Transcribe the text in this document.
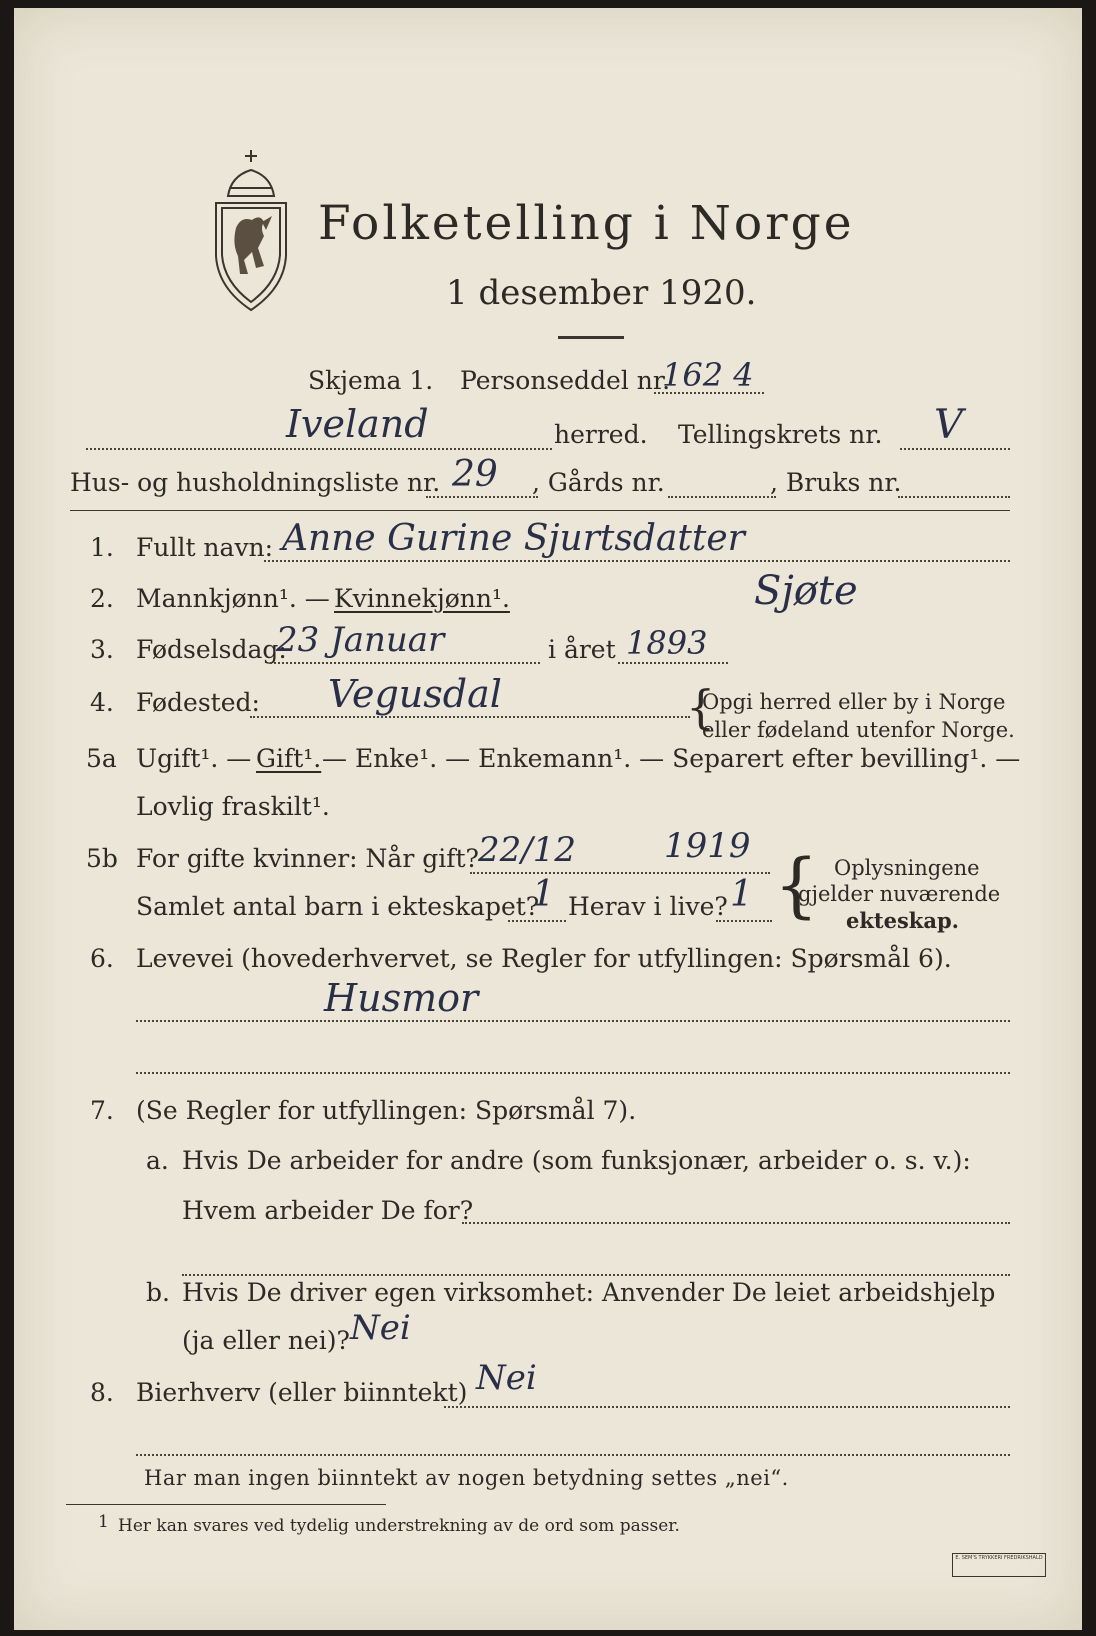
Folketelling i Norge
1 desember 1920.
Skjema 1. Personseddel nr.
162 4
Iveland	herred. Tellingskrets nr. V
Hus- og husholdningsliste nr. 29 , Gårds nr.	, Bruks nr.
1. Fullt navn: Anne Gurine Sjurtsdatter
2. Mannkjønn¹. — Kvinnekjønn¹.	Sjøte
3. Fødselsdag:
23 Januar	i året 1893
4. Fødested: Vegusdal	{
Opgi herred eller by i Norge
eller fødeland utenfor Norge.
5a Ugift¹. — Gift¹. — Enke¹. — Enkemann¹. — Separert efter bevilling¹. —
Lovlig fraskilt¹.
5b For gifte kvinner: Når gift? 22/12	1919
Samlet antal barn i ekteskapet?
1 Herav i live? 1 { Oplysningene
gjelder nuværende
ekteskap.
6. Levevei (hovederhvervet, se Regler for utfyllingen: Spørsmål 6).
Husmor
7. (Se Regler for utfyllingen: Spørsmål 7).
a. Hvis De arbeider for andre (som funksjonær, arbeider o. s. v.):
Hvem arbeider De for?
b. Hvis De driver egen virksomhet: Anvender De leiet arbeidshjelp
(ja eller nei)? Nei
8. Bierhverv (eller biinntekt) Nei
Har man ingen biinntekt av nogen betydning settes „nei“.
1 Her kan svares ved tydelig understrekning av de ord som passer.
E. SEM'S TRYKKERI FREDRIKSHALD
